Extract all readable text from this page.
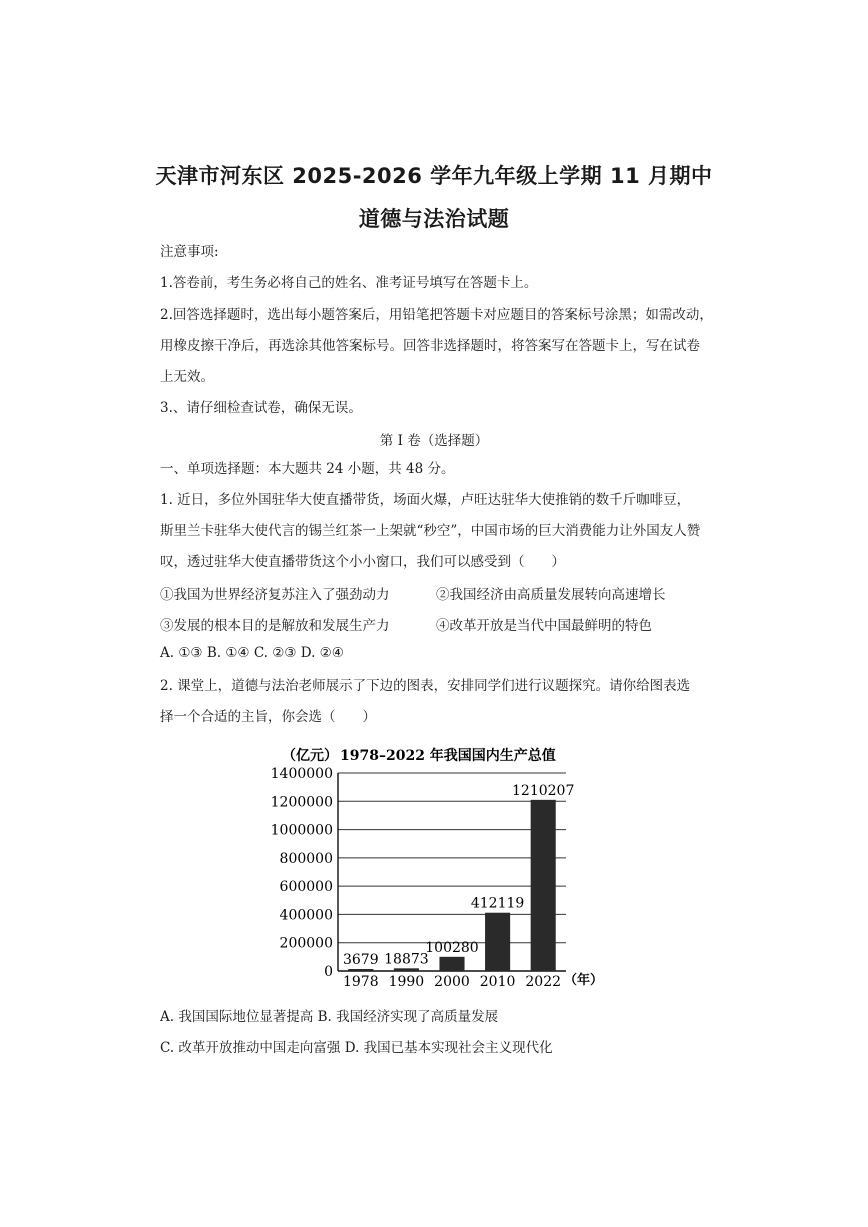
天津市河东区 2025-2026 学年九年级上学期 11 月期中
道德与法治试题
注意事项:
1.答卷前，考生务必将自己的姓名、准考证号填写在答题卡上。
2.回答选择题时，选出每小题答案后，用铅笔把答题卡对应题目的答案标号涂黑；如需改动，
用橡皮擦干净后，再选涂其他答案标号。回答非选择题时，将答案写在答题卡上，写在试卷
上无效。
3.、请仔细检查试卷，确保无误。
第 I 卷（选择题）
一、单项选择题：本大题共 24 小题，共 48 分。
1. 近日，多位外国驻华大使直播带货，场面火爆，卢旺达驻华大使推销的数千斤咖啡豆，
斯里兰卡驻华大使代言的锡兰红茶一上架就“秒空”，中国市场的巨大消费能力让外国友人赞
叹，透过驻华大使直播带货这个小小窗口，我们可以感受到（　　）
①我国为世界经济复苏注入了强劲动力	②我国经济由高质量发展转向高速增长
③发展的根本目的是解放和发展生产力	④改革开放是当代中国最鲜明的特色
A. ①③ B. ①④ C. ②③ D. ②④
2. 课堂上，道德与法治老师展示了下边的图表，安排同学们进行议题探究。请你给图表选
择一个合适的主旨，你会选（　　）
（亿元） 1978–2022 年我国国内生产总值
（年）
0
200000
400000
600000
800000
1000000
1200000
1400000
3679
1978
18873
1990
100280
2000
412119
2010
1210207
2022
A. 我国国际地位显著提高 B. 我国经济实现了高质量发展
C. 改革开放推动中国走向富强 D. 我国已基本实现社会主义现代化
